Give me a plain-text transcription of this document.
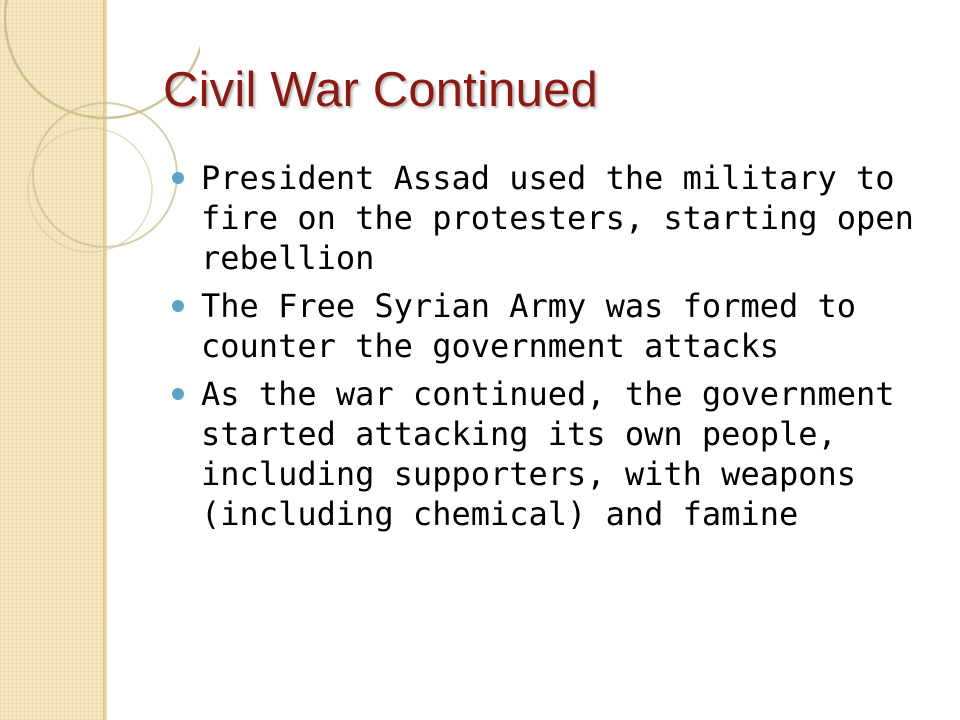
Civil War Continued
President Assad used the military to fire on the protesters, starting open rebellion
The Free Syrian Army was formed to counter the government attacks
As the war continued, the government started attacking its own people, including supporters, with weapons (including chemical) and famine
